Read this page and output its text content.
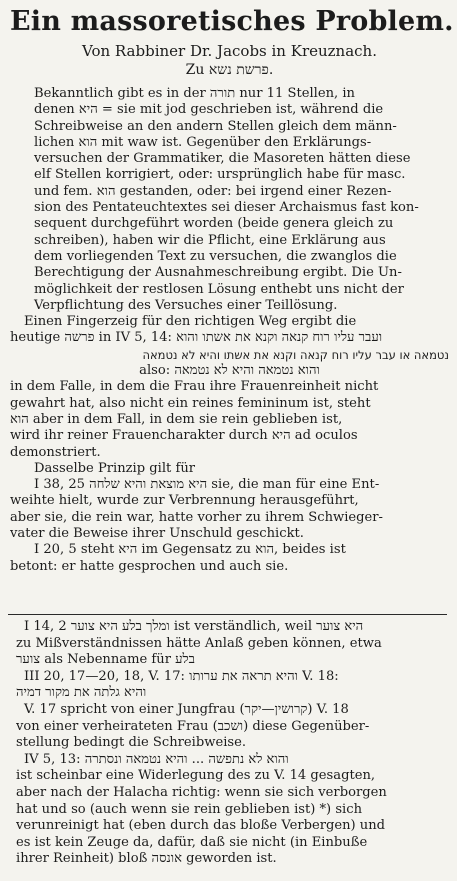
Ein massoretisches Problem.

Von Rabbiner Dr. Jacobs in Kreuznach.

Zu פרשת נשא.

Bekanntlich gibt es in der תורה nur 11 Stellen, in
denen היא = sie mit jod geschrieben ist, während die
Schreibweise an den andern Stellen gleich dem männ-
lichen הוא mit waw ist. Gegenüber den Erklärungs-
versuchen der Grammatiker, die Masoreten hätten diese
elf Stellen korrigiert, oder: ursprünglich habe für masc.
und fem. הוא gestanden, oder: bei irgend einer Rezen-
sion des Pentateuchtextes sei dieser Archaismus fast kon-
sequent durchgeführt worden (beide genera gleich zu
schreiben), haben wir die Pflicht, eine Erklärung aus
dem vorliegenden Text zu versuchen, die zwanglos die
Berechtigung der Ausnahmeschreibung ergibt. Die Un-
möglichkeit der restlosen Lösung enthebt uns nicht der
Verpflichtung des Versuches einer Teillösung.

Einen Fingerzeig für den richtigen Weg ergibt die
heutige פרשה in IV 5, 14: ועבר עליו רוח קנאה וקנא את אשתו והוא
נטמאה או עבר עליו רוח קנאה וקנא את אשתו והיא לא נטמאה
also: והוא נטמאה והיא לא נטמאה
in dem Falle, in dem die Frau ihre Frauenreinheit nicht
gewahrt hat, also nicht ein reines femininum ist, steht
הוא aber in dem Fall, in dem sie rein geblieben ist,
wird ihr reiner Frauencharakter durch היא ad oculos
demonstriert.

Dasselbe Prinzip gilt für
I 38, 25 היא מוצאת והיא שלחה sie, die man für eine Ent-
weihte hielt, wurde zur Verbrennung herausgeführt,
aber sie, die rein war, hatte vorher zu ihrem Schwieger-
vater die Beweise ihrer Unschuld geschickt.

I 20, 5 steht היא im Gegensatz zu הוא, beides ist
betont: er hatte gesprochen und auch sie.

I 14, 2 ומלך בלע היא צוער ist verständlich, weil היא צוער
zu Mißverständnissen hätte Anlaß geben können, etwa
צוער als Nebenname für בלע

III 20, 17—20, 18, V. 17: והיא תראה את ערותו V. 18:
והיא גלתה את מקור דמיה

V. 17 spricht von einer Jungfrau (קרושין—יקר) V. 18
von einer verheirateten Frau (ושכב) diese Gegenüber-
stellung bedingt die Schreibweise.

IV 5, 13: והוא לא נתפשה ... והיא נטמאה ונסתרה
ist scheinbar eine Widerlegung des zu V. 14 gesagten,
aber nach der Halacha richtig: wenn sie sich verborgen
hat und so (auch wenn sie rein geblieben ist) *) sich
verunreinigt hat (eben durch das bloße Verbergen) und
es ist kein Zeuge da, dafür, daß sie nicht (in Einbuße
ihrer Reinheit) bloß אונסה geworden ist.
